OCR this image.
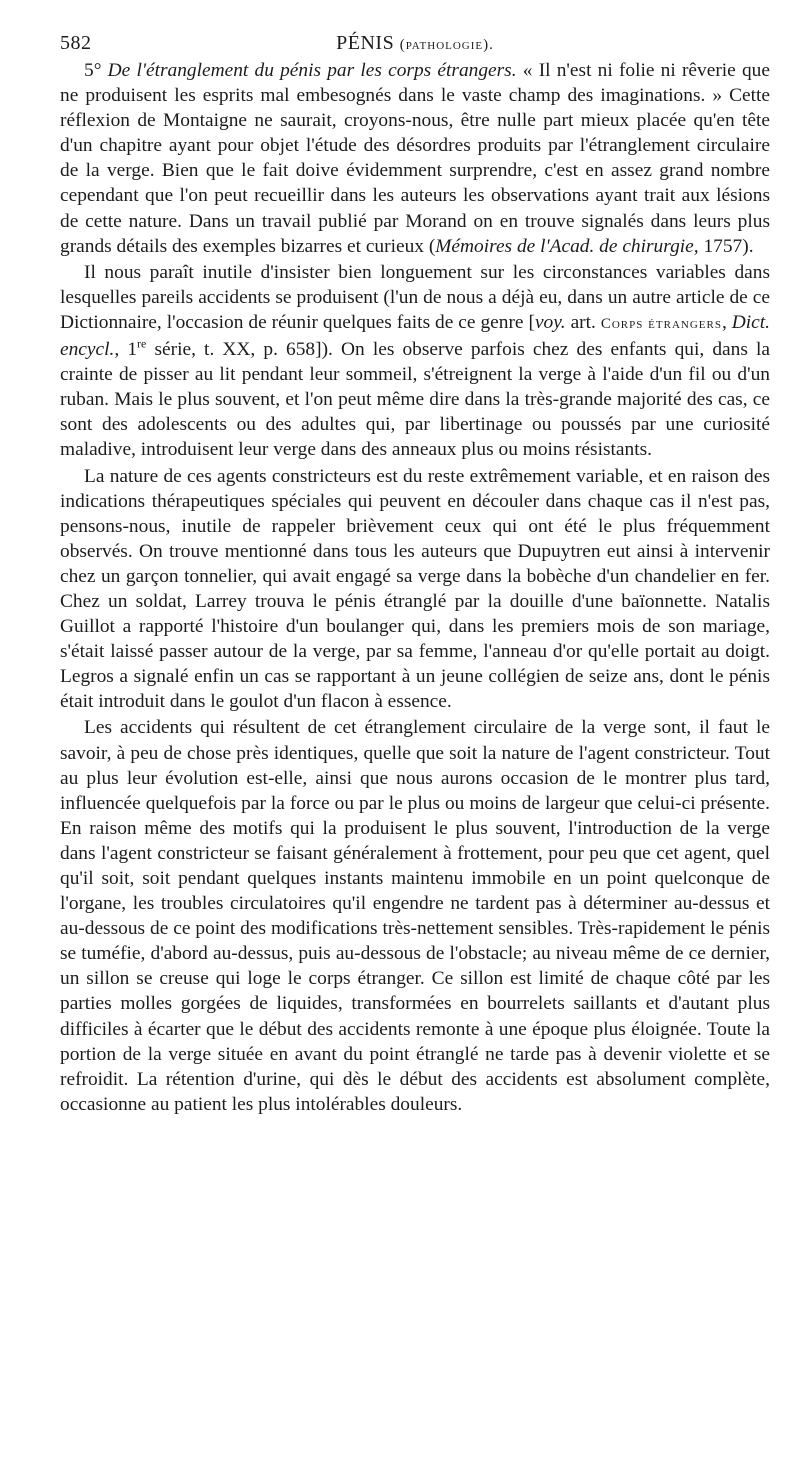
582	PÉNIS (pathologie).

5° De l'étranglement du pénis par les corps étrangers. « Il n'est ni folie ni rêverie que ne produisent les esprits mal embesognés dans le vaste champ des imaginations. » Cette réflexion de Montaigne ne saurait, croyons-nous, être nulle part mieux placée qu'en tête d'un chapitre ayant pour objet l'étude des désordres produits par l'étranglement circulaire de la verge. Bien que le fait doive évidemment surprendre, c'est en assez grand nombre cependant que l'on peut recueillir dans les auteurs les observations ayant trait aux lésions de cette nature. Dans un travail publié par Morand on en trouve signalés dans leurs plus grands détails des exemples bizarres et curieux (Mémoires de l'Acad. de chirurgie, 1757).

Il nous paraît inutile d'insister bien longuement sur les circonstances variables dans lesquelles pareils accidents se produisent (l'un de nous a déjà eu, dans un autre article de ce Dictionnaire, l'occasion de réunir quelques faits de ce genre [voy. art. Corps étrangers, Dict. encycl., 1re série, t. XX, p. 658]). On les observe parfois chez des enfants qui, dans la crainte de pisser au lit pendant leur sommeil, s'étreignent la verge à l'aide d'un fil ou d'un ruban. Mais le plus souvent, et l'on peut même dire dans la très-grande majorité des cas, ce sont des adolescents ou des adultes qui, par libertinage ou poussés par une curiosité maladive, introduisent leur verge dans des anneaux plus ou moins résistants.

La nature de ces agents constricteurs est du reste extrêmement variable, et en raison des indications thérapeutiques spéciales qui peuvent en découler dans chaque cas il n'est pas, pensons-nous, inutile de rappeler brièvement ceux qui ont été le plus fréquemment observés. On trouve mentionné dans tous les auteurs que Dupuytren eut ainsi à intervenir chez un garçon tonnelier, qui avait engagé sa verge dans la bobèche d'un chandelier en fer. Chez un soldat, Larrey trouva le pénis étranglé par la douille d'une baïonnette. Natalis Guillot a rapporté l'histoire d'un boulanger qui, dans les premiers mois de son mariage, s'était laissé passer autour de la verge, par sa femme, l'anneau d'or qu'elle portait au doigt. Legros a signalé enfin un cas se rapportant à un jeune collégien de seize ans, dont le pénis était introduit dans le goulot d'un flacon à essence.

Les accidents qui résultent de cet étranglement circulaire de la verge sont, il faut le savoir, à peu de chose près identiques, quelle que soit la nature de l'agent constricteur. Tout au plus leur évolution est-elle, ainsi que nous aurons occasion de le montrer plus tard, influencée quelquefois par la force ou par le plus ou moins de largeur que celui-ci présente. En raison même des motifs qui la produisent le plus souvent, l'introduction de la verge dans l'agent constricteur se faisant généralement à frottement, pour peu que cet agent, quel qu'il soit, soit pendant quelques instants maintenu immobile en un point quelconque de l'organe, les troubles circulatoires qu'il engendre ne tardent pas à déterminer au-dessus et au-dessous de ce point des modifications très-nettement sensibles. Très-rapidement le pénis se tuméfie, d'abord au-dessus, puis au-dessous de l'obstacle; au niveau même de ce dernier, un sillon se creuse qui loge le corps étranger. Ce sillon est limité de chaque côté par les parties molles gorgées de liquides, transformées en bourrelets saillants et d'autant plus difficiles à écarter que le début des accidents remonte à une époque plus éloignée. Toute la portion de la verge située en avant du point étranglé ne tarde pas à devenir violette et se refroidit. La rétention d'urine, qui dès le début des accidents est absolument complète, occasionne au patient les plus intolérables douleurs.
